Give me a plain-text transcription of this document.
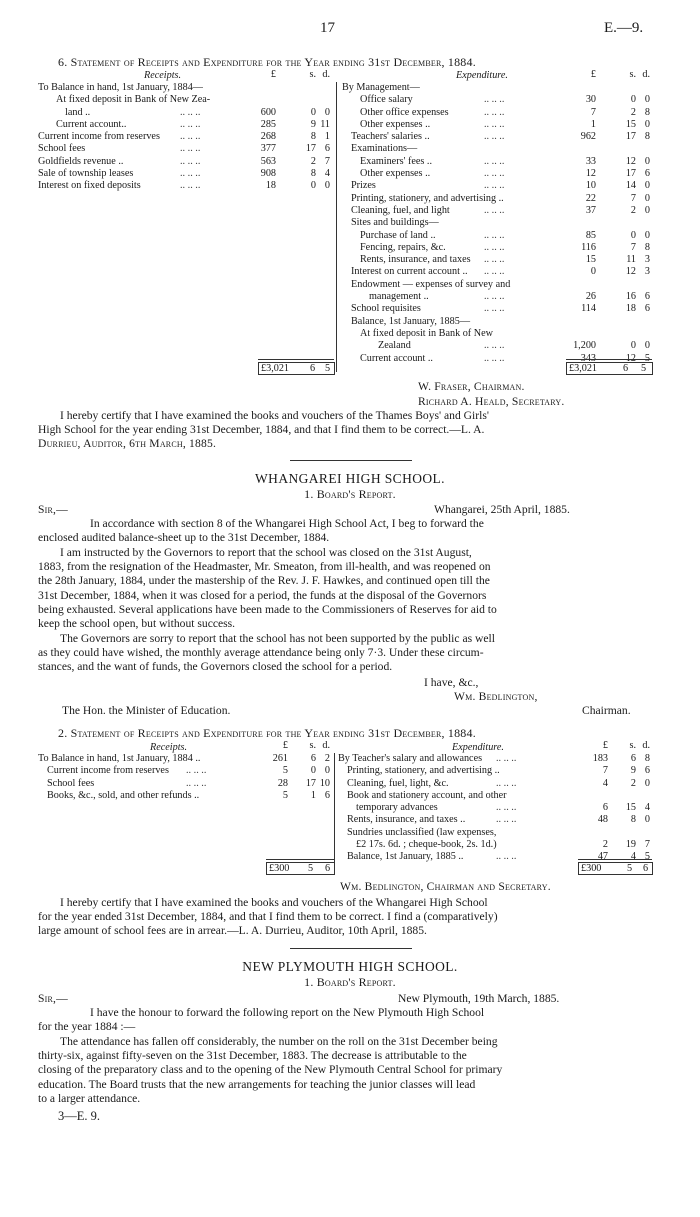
17	E.—9.
6. Statement of Receipts and Expenditure for the Year ending 31st December, 1884.
Receipts.	Expenditure.
To Balance in hand, 1st January, 1884—
At fixed deposit in Bank of New Zea-
land ..	.. .. ..	600	0 0
Current account..	.. .. ..	285	9 11
Current income from reserves .. .. ..	268	8 1
School fees	.. .. ..	377	17 6
Goldfields revenue ..	.. .. ..	563	2 7
Sale of township leases	.. .. ..	908	8 4
Interest on fixed deposits	.. .. ..	18	0 0
£	s. d.
By Management—
Office salary	.. .. ..	30	0 0
Other office expenses	.. .. ..	7	2 8
Other expenses ..	.. .. ..	1	15 0
Teachers' salaries ..	.. .. ..	962	17 8
Examinations—
Examiners' fees ..	.. .. ..	33	12 0
Other expenses ..	.. .. ..	12	17 6
Prizes	.. .. ..	10	14 0
Printing, stationery, and advertising ..	22	7 0
Cleaning, fuel, and light	.. .. ..	37	2 0
Sites and buildings—
Purchase of land ..	.. .. ..	85	0 0
Fencing, repairs, &c.	.. .. ..	116	7 8
Rents, insurance, and taxes .. .. ..	15	11 3
Interest on current account .. .. .. ..	0	12 3
Endowment — expenses of survey and
management ..	.. .. ..	26	16 6
School requisites	.. .. ..	114	18 6
Balance, 1st January, 1885—
At fixed deposit in Bank of New
Zealand	.. .. ..	1,200	0 0
Current account ..	.. .. ..	343	12 5
£	s. d.
£3,021 6 5	£3,021	6 5
W. Fraser, Chairman.
Richard A. Heald, Secretary.
I hereby certify that I have examined the books and vouchers of the Thames Boys' and Girls'
High School for the year ending 31st December, 1884, and that I find them to be correct.—L. A.
Durrieu, Auditor, 6th March, 1885.
WHANGAREI HIGH SCHOOL.
1. Board's Report.
Sir,—	Whangarei, 25th April, 1885.
In accordance with section 8 of the Whangarei High School Act, I beg to forward the
enclosed audited balance-sheet up to the 31st December, 1884.
I am instructed by the Governors to report that the school was closed on the 31st August,
1883, from the resignation of the Headmaster, Mr. Smeaton, from ill-health, and was reopened on
the 28th January, 1884, under the mastership of the Rev. J. F. Hawkes, and continued open till the
31st December, 1884, when it was closed for a period, the funds at the disposal of the Governors
being exhausted. Several applications have been made to the Commissioners of Reserves for aid to
keep the school open, but without success.
The Governors are sorry to report that the school has not been supported by the public as well
as they could have wished, the monthly average attendance being only 7·3. Under these circum-
stances, and the want of funds, the Governors closed the school for a period.
I have, &c.,
Wm. Bedlington,
The Hon. the Minister of Education.	Chairman.
2. Statement of Receipts and Expenditure for the Year ending 31st December, 1884.
Receipts.	Expenditure.
To Balance in hand, 1st January, 1884 ..	261 6 2
Current income from reserves .. .. ..	5 0 0
School fees	.. .. ..	28 17 10
Books, &c., sold, and other refunds ..	5 1 6
£ s. d.
By Teacher's salary and allowances .. .. ..	183 6 8
Printing, stationery, and advertising ..	7 9 6
Cleaning, fuel, light, &c.	.. .. ..	4 2 0
Book and stationery account, and other
temporary advances	.. .. ..	6 15 4
Rents, insurance, and taxes ..	.. .. ..	48 8 0
Sundries unclassified (law expenses,
£2 17s. 6d. ; cheque-book, 2s. 1d.)	2 19 7
Balance, 1st January, 1885 ..	.. .. ..	47 4 5
£ s. d.
£300 5 6	£300	5 6
Wm. Bedlington, Chairman and Secretary.
I hereby certify that I have examined the books and vouchers of the Whangarei High School
for the year ended 31st December, 1884, and that I find them to be correct. I find a (comparatively)
large amount of school fees are in arrear.—L. A. Durrieu, Auditor, 10th April, 1885.
NEW PLYMOUTH HIGH SCHOOL.
1. Board's Report.
Sir,—	New Plymouth, 19th March, 1885.
I have the honour to forward the following report on the New Plymouth High School
for the year 1884 :—
The attendance has fallen off considerably, the number on the roll on the 31st December being
thirty-six, against fifty-seven on the 31st December, 1883. The decrease is attributable to the
closing of the preparatory class and to the opening of the New Plymouth Central School for primary
education. The Board trusts that the new arrangements for teaching the junior classes will lead
to a larger attendance.
3—E. 9.
